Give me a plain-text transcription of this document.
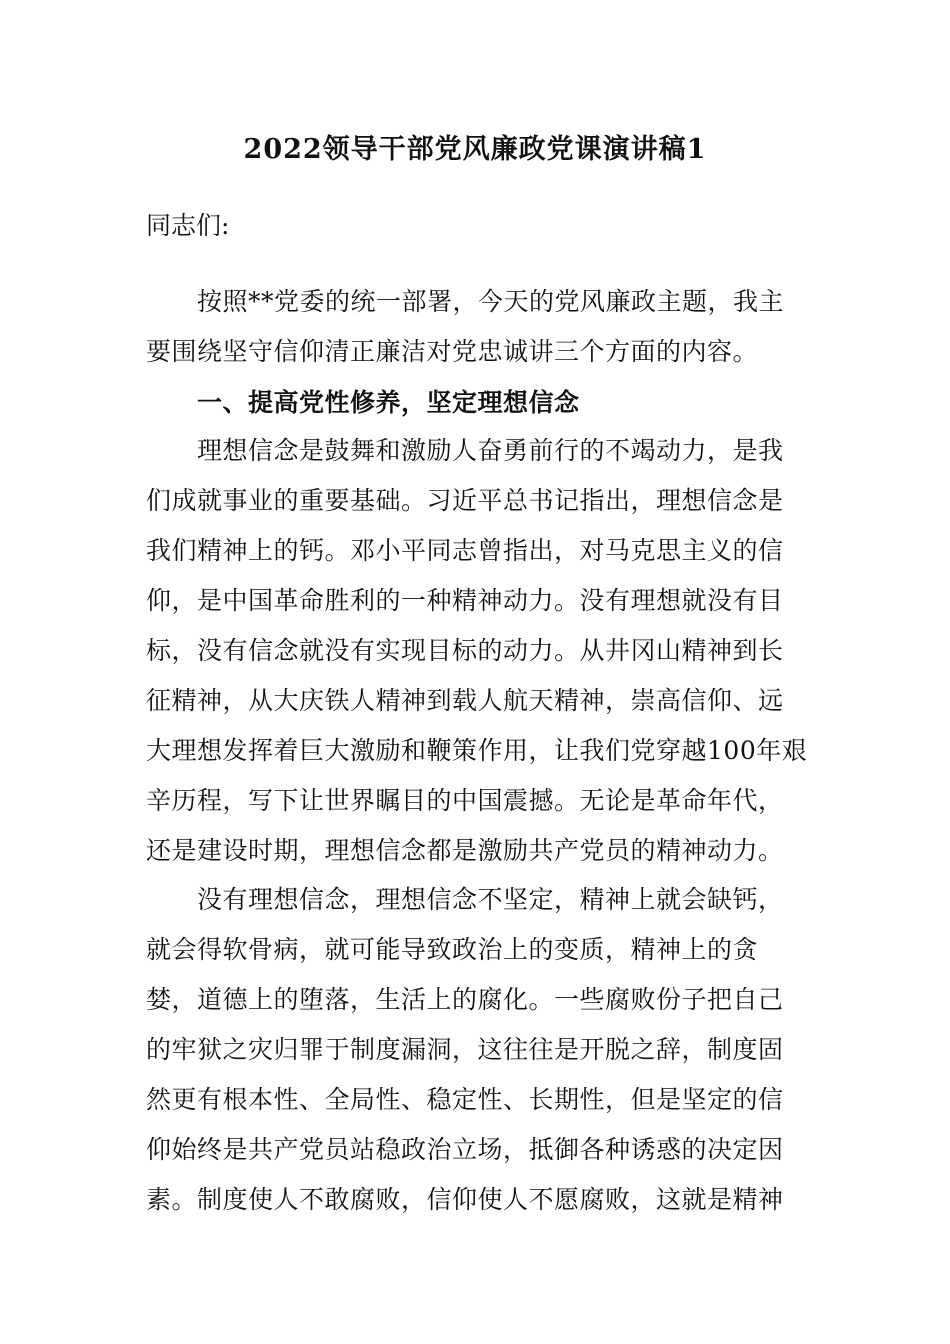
2022领导干部党风廉政党课演讲稿1
同志们:
按照**党委的统一部署，今天的党风廉政主题，我主
要围绕坚守信仰清正廉洁对党忠诚讲三个方面的内容。
一、提高党性修养，坚定理想信念
理想信念是鼓舞和激励人奋勇前行的不竭动力，是我
们成就事业的重要基础。习近平总书记指出，理想信念是
我们精神上的钙。邓小平同志曾指出，对马克思主义的信
仰，是中国革命胜利的一种精神动力。没有理想就没有目
标，没有信念就没有实现目标的动力。从井冈山精神到长
征精神，从大庆铁人精神到载人航天精神，崇高信仰、远
大理想发挥着巨大激励和鞭策作用，让我们党穿越100年艰
辛历程，写下让世界瞩目的中国震撼。无论是革命年代，
还是建设时期，理想信念都是激励共产党员的精神动力。
没有理想信念，理想信念不坚定，精神上就会缺钙，
就会得软骨病，就可能导致政治上的变质，精神上的贪
婪，道德上的堕落，生活上的腐化。一些腐败份子把自己
的牢狱之灾归罪于制度漏洞，这往往是开脱之辞，制度固
然更有根本性、全局性、稳定性、长期性，但是坚定的信
仰始终是共产党员站稳政治立场，抵御各种诱惑的决定因
素。制度使人不敢腐败，信仰使人不愿腐败，这就是精神
